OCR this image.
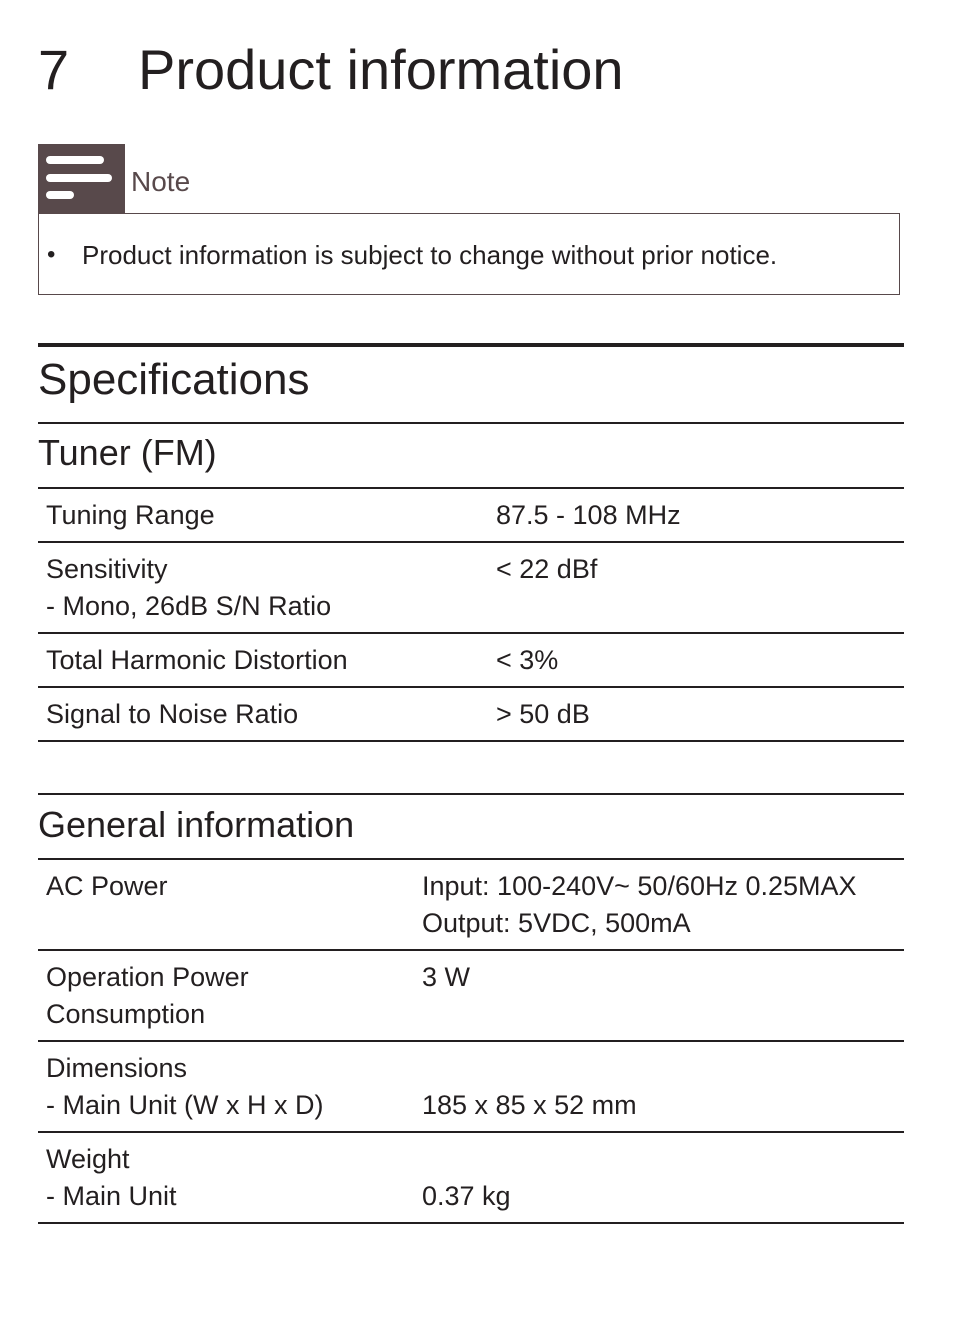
7 Product information
Note
• Product information is subject to change without prior notice.
Specifications
Tuner (FM)
Tuning Range	87.5 - 108 MHz

Sensitivity
- Mono, 26dB S/N Ratio	< 22 dBf

Total Harmonic Distortion	< 3%

Signal to Noise Ratio	> 50 dB
General information
AC Power	Input: 100-240V~ 50/60Hz 0.25MAX
Output: 5VDC, 500mA

Operation Power
Consumption	3 W

Dimensions
- Main Unit (W x H x D)	185 x 85 x 52 mm

Weight
- Main Unit	0.37 kg
